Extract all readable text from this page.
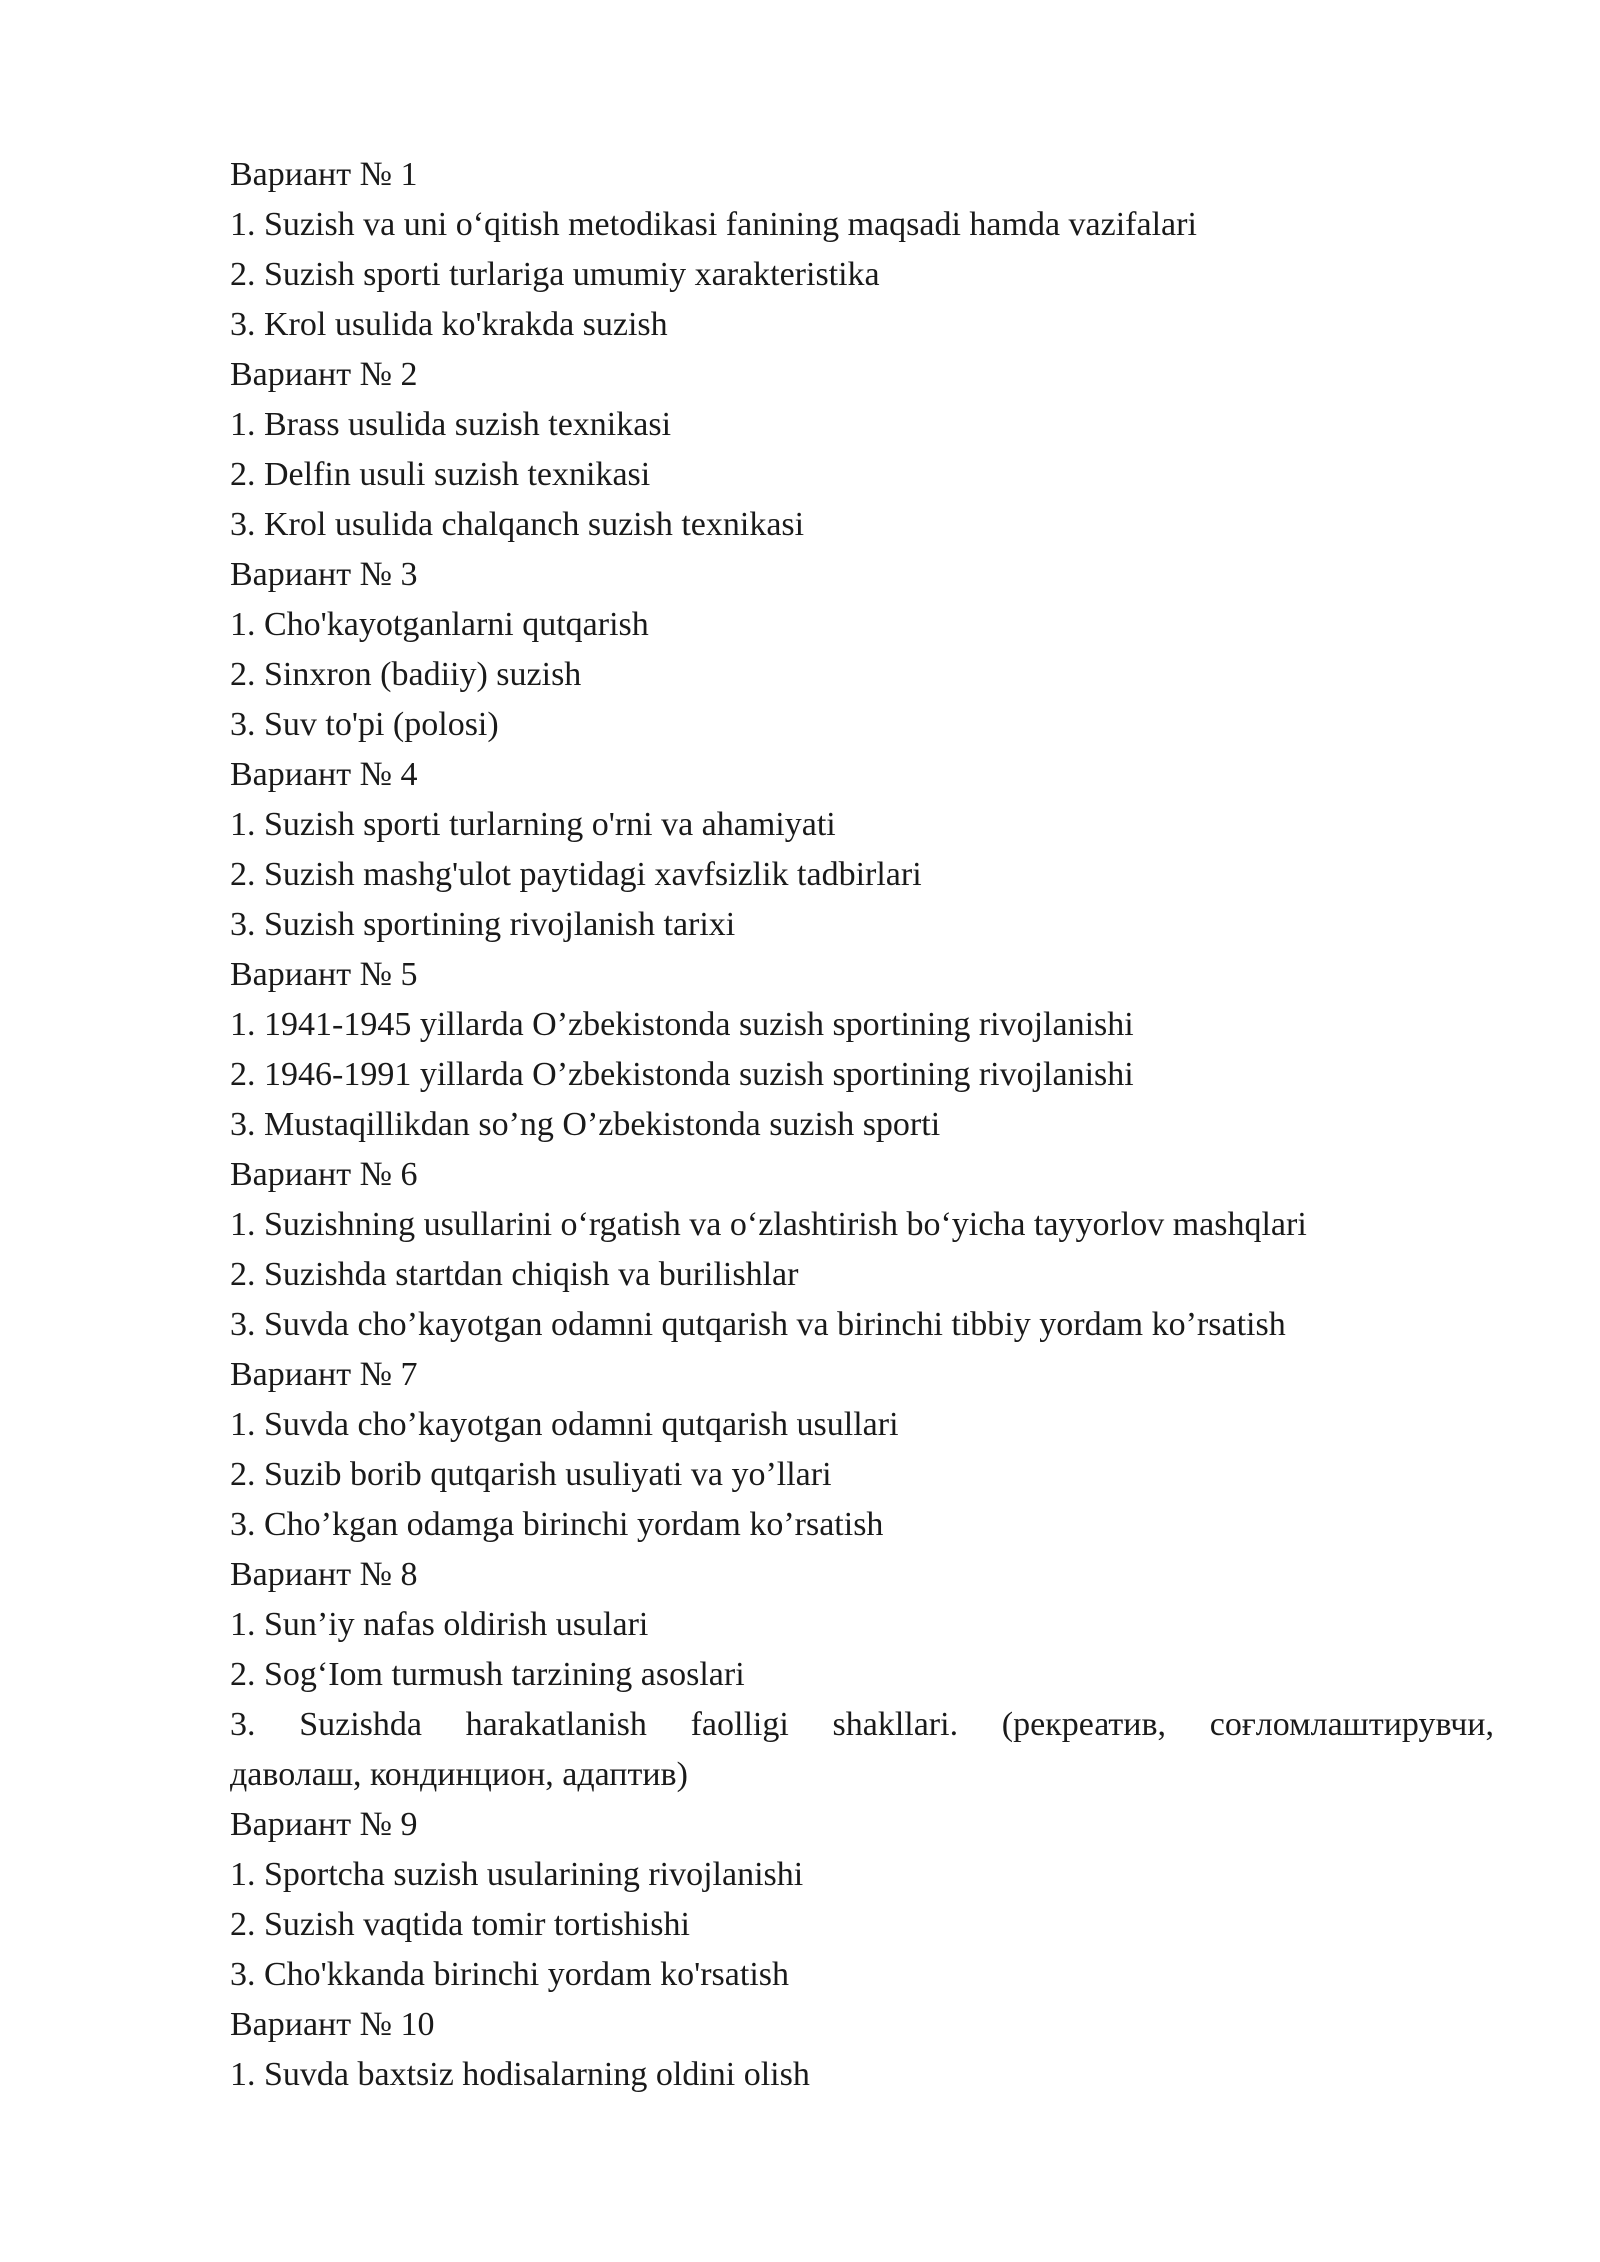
Вариант № 1

1. Suzish va uni o‘qitish metodikasi fanining maqsadi hamda vazifalari

2. Suzish sporti turlariga umumiy xarakteristika

3. Krol usulida ko'krakda suzish

Вариант № 2

1. Brass usulida suzish texnikasi

2. Delfin usuli suzish texnikasi

3. Krol usulida chalqanch suzish texnikasi

Вариант № 3

1. Cho'kayotganlarni qutqarish

2. Sinxron (badiiy) suzish

3. Suv to'pi (polosi)

Вариант № 4

1. Suzish sporti turlarning o'rni va ahamiyati

2. Suzish mashg'ulot paytidagi xavfsizlik tadbirlari

3. Suzish sportining rivojlanish tarixi

Вариант № 5

1. 1941-1945 yillarda O’zbekistonda suzish sportining rivojlanishi

2. 1946-1991 yillarda O’zbekistonda suzish sportining rivojlanishi

3. Mustaqillikdan so’ng O’zbekistonda suzish sporti

Вариант № 6

1. Suzishning usullarini o‘rgatish va o‘zlashtirish bo‘yicha tayyorlov mashqlari

2. Suzishda startdan chiqish va burilishlar

3. Suvda cho’kayotgan odamni qutqarish va birinchi tibbiy yordam ko’rsatish

Вариант № 7

1. Suvda cho’kayotgan odamni qutqarish usullari

2. Suzib borib qutqarish usuliyati va yo’llari

3. Cho’kgan odamga birinchi yordam ko’rsatish

Вариант № 8

1. Sun’iy nafas oldirish usulari

2. Sog‘Iom turmush tarzining asoslari

3. Suzishda harakatlanish faolligi shakllari. (рекреатив, соғломлаштирувчи,

даволаш, кондинцион, адаптив)

Вариант № 9

1. Sportcha suzish usularining rivojlanishi

2. Suzish vaqtida tomir tortishishi

3. Cho'kkanda birinchi yordam ko'rsatish

Вариант № 10

1. Suvda baxtsiz hodisalarning oldini olish
